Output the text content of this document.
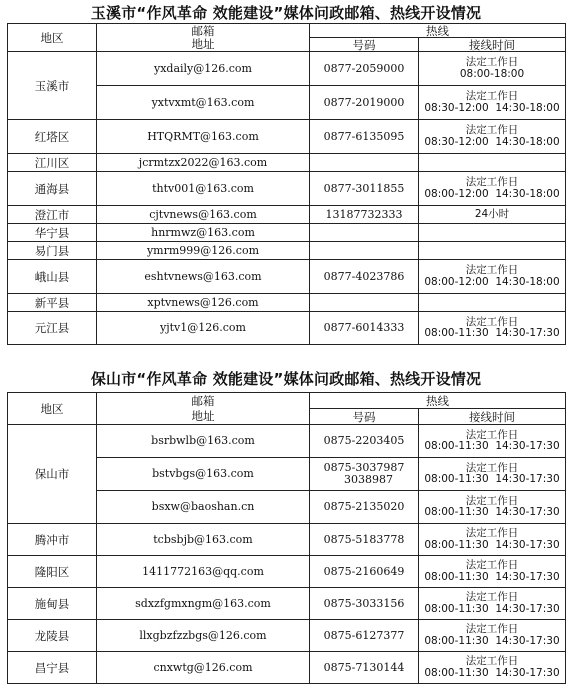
玉溪市“作风革命 效能建设”媒体问政邮箱、热线开设情况
地区	邮箱	热线	
	地址	号码	接线时间
玉溪市	yxdaily@126.com	0877-2059000	法定工作日
08:00-18:00

	yxtvxmt@163.com	0877-2019000	法定工作日
08:30-12:00  14:30-18:00

红塔区	HTQRMT@163.com	0877-6135095	法定工作日
08:30-12:00  14:30-18:00

江川区	jcrmtzx2022@163.com	

通海县	thtv001@163.com	0877-3011855	法定工作日
08:00-12:00  14:30-18:00

澄江市	cjtvnews@163.com	13187732333	24小时

华宁县	hnrmwz@163.com	

易门县	ymrm999@126.com	

峨山县	eshtvnews@163.com	0877-4023786	法定工作日
08:00-12:00  14:30-18:00

新平县	xptvnews@126.com	

元江县	yjtv1@126.com	0877-6014333	法定工作日
08:00-11:30  14:30-17:30
保山市“作风革命 效能建设”媒体问政邮箱、热线开设情况
地区	邮箱	热线	
	地址	号码	接线时间
保山市	bsrbwlb@163.com	0875-2203405	法定工作日
08:00-11:30  14:30-17:30

	bstvbgs@163.com	0875-3037987
3038987	法定工作日
08:00-11:30  14:30-17:30

	bsxw@baoshan.cn	0875-2135020	法定工作日
08:00-11:30  14:30-17:30

腾冲市	tcbsbjb@163.com	0875-5183778	法定工作日
08:00-11:30  14:30-17:30

隆阳区	1411772163@qq.com	0875-2160649	法定工作日
08:00-11:30  14:30-17:30

施甸县	sdxzfgmxngm@163.com	0875-3033156	法定工作日
08:00-11:30  14:30-17:30

龙陵县	llxgbzfzzbgs@126.com	0875-6127377	法定工作日
08:00-11:30  14:30-17:30

昌宁县	cnxwtg@126.com	0875-7130144	法定工作日
08:00-11:30  14:30-17:30
